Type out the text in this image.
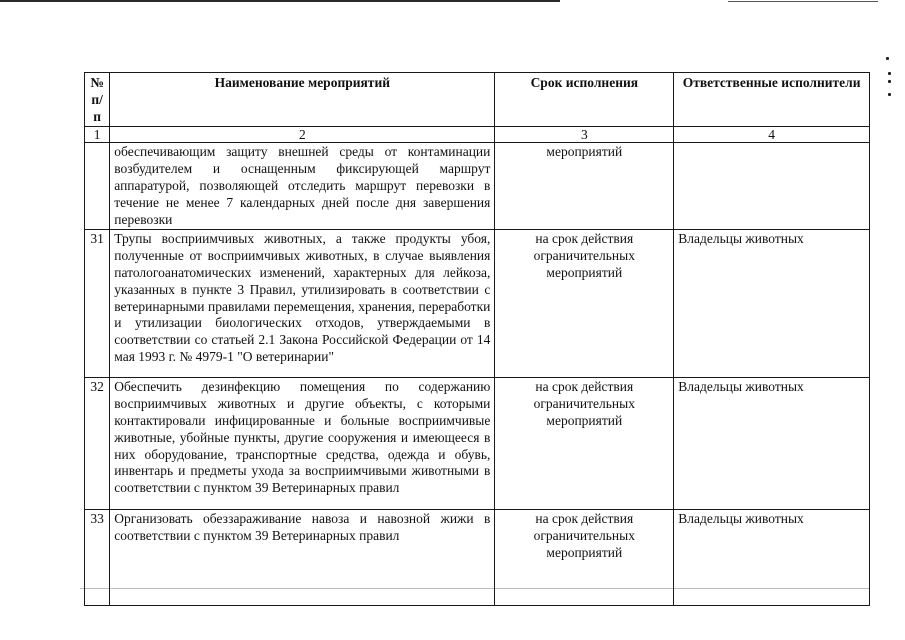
№ п/п	Наименование мероприятий	Срок исполнения	Ответственные исполнители
1	2	3	4
	обеспечивающим защиту внешней среды от контаминации возбудителем и оснащенным фиксирующей маршрут аппаратурой, позволяющей отследить маршрут перевозки в течение не менее 7 календарных дней после дня завершения перевозки	мероприятий	
31	Трупы восприимчивых животных, а также продукты убоя, полученные от восприимчивых животных, в случае выявления патологоанатомических изменений, характерных для лейкоза, указанных в пункте 3 Правил, утилизировать в соответствии с ветеринарными правилами перемещения, хранения, переработки и утилизации биологических отходов, утверждаемыми в соответствии со статьей 2.1 Закона Российской Федерации от 14 мая 1993 г. № 4979-1 "О ветеринарии"	на срок действия ограничительных мероприятий	Владельцы животных
32	Обеспечить дезинфекцию помещения по содержанию восприимчивых животных и другие объекты, с которыми контактировали инфицированные и больные восприимчивые животные, убойные пункты, другие сооружения и имеющееся в них оборудование, транспортные средства, одежда и обувь, инвентарь и предметы ухода за восприимчивыми животными в соответствии с пунктом 39 Ветеринарных правил	на срок действия ограничительных мероприятий	Владельцы животных
33	Организовать обеззараживание навоза и навозной жижи в соответствии с пунктом 39 Ветеринарных правил	на срок действия ограничительных мероприятий	Владельцы животных
